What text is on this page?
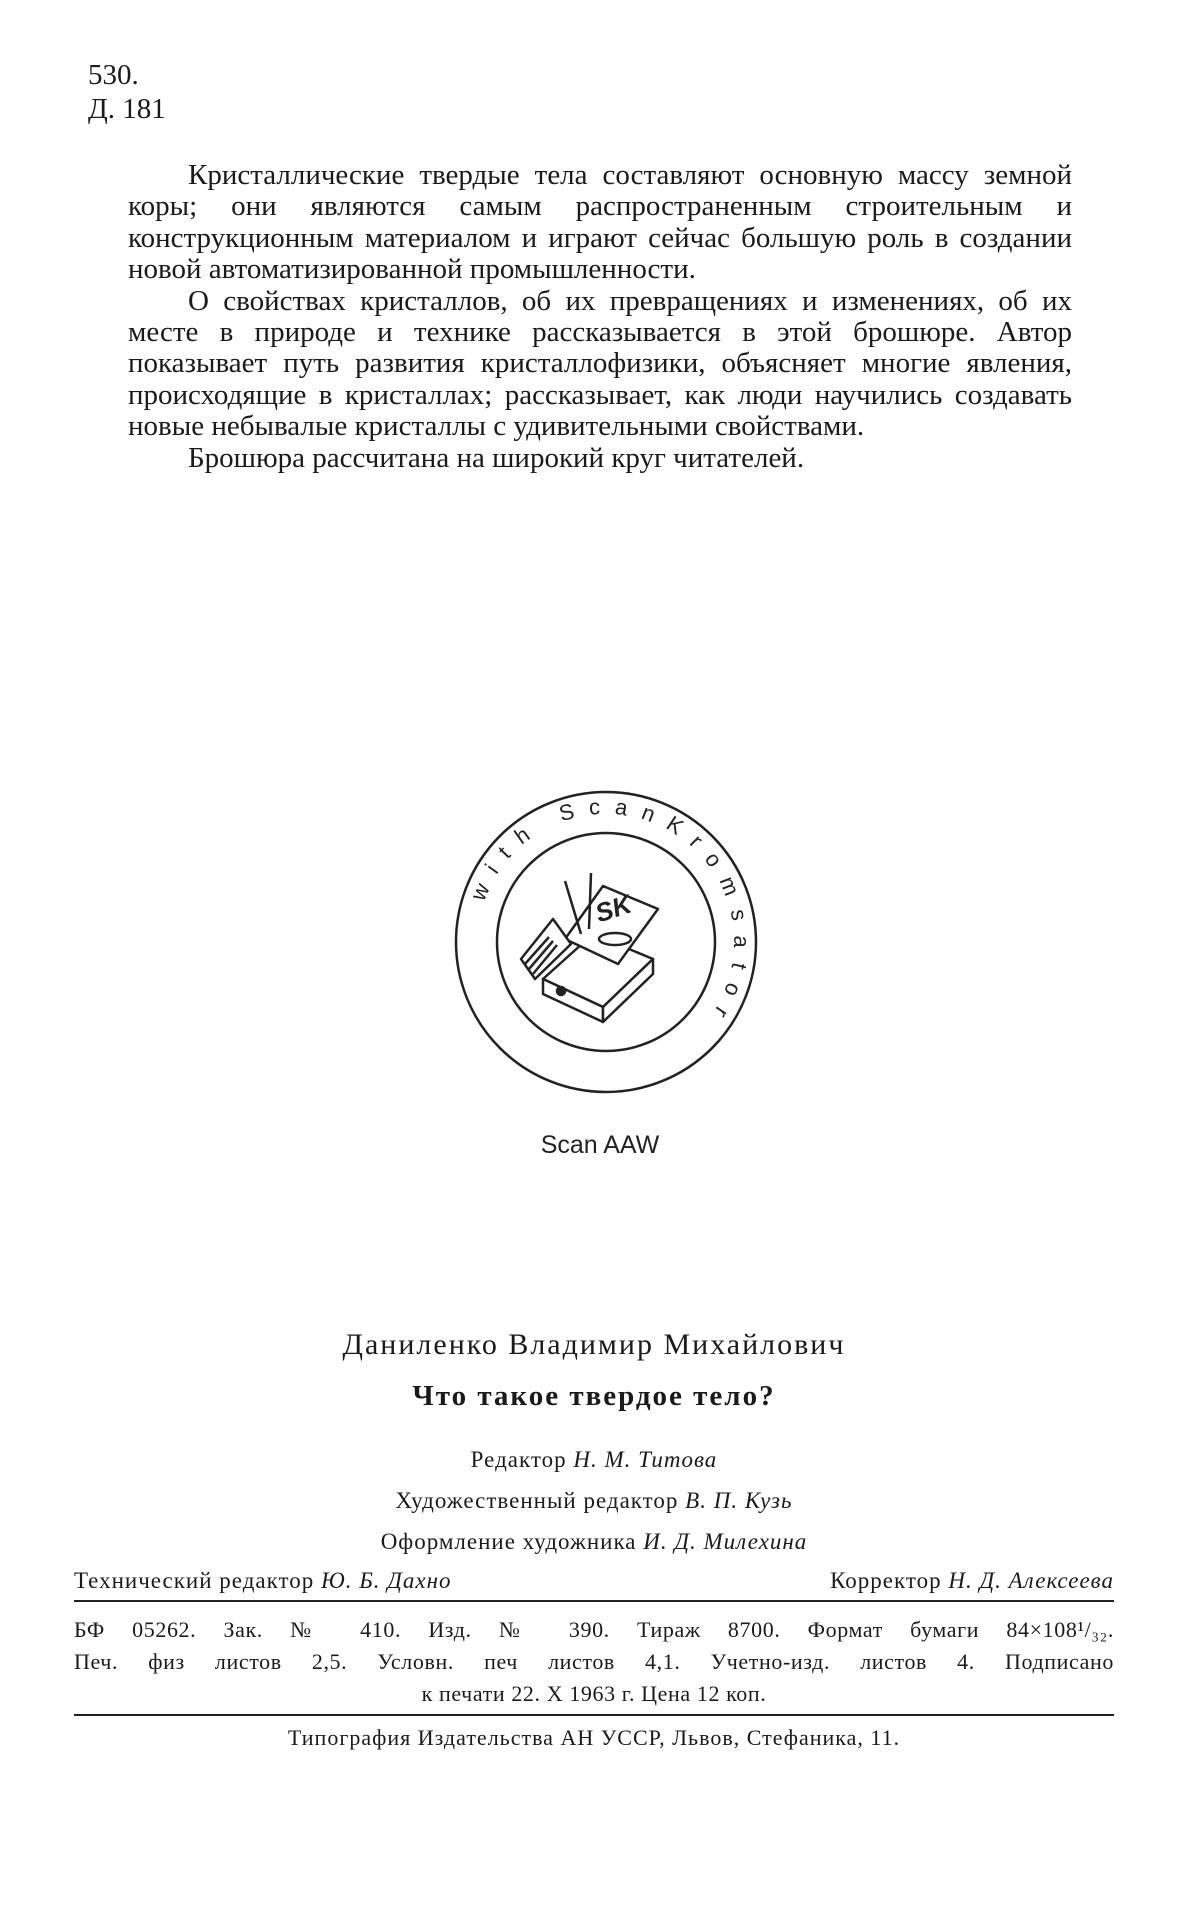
530.
Д. 181

Кристаллические твердые тела составляют основную массу земной коры; они являются самым распространенным строительным и конструкционным материалом и играют сейчас большую роль в создании новой автоматизированной промышленности.

О свойствах кристаллов, об их превращениях и изменениях, об их месте в природе и технике рассказывается в этой брошюре. Автор показывает путь развития кристаллофизики, объясняет многие явления, происходящие в кристаллах; рассказывает, как люди научились создавать новые небывалые кристаллы с удивительными свойствами.

Брошюра рассчитана на широкий круг читателей.

with ScanKromsator
SK
Scan AAW
Даниленко Владимир Михайлович
Что такое твердое тело?
Редактор Н. М. Титова
Художественный редактор В. П. Кузь
Оформление художника И. Д. Милехина
Технический редактор Ю. Б. Дахно	Корректор Н. Д. Алексеева
БФ 05262. Зак. № 410. Изд. № 390. Тираж 8700. Формат бумаги 84×108¹/₃₂.
Печ. физ листов 2,5. Условн. печ листов 4,1. Учетно-изд. листов 4. Подписано
к печати 22. X 1963 г. Цена 12 коп.
Типография Издательства АН УССР, Львов, Стефаника, 11.
